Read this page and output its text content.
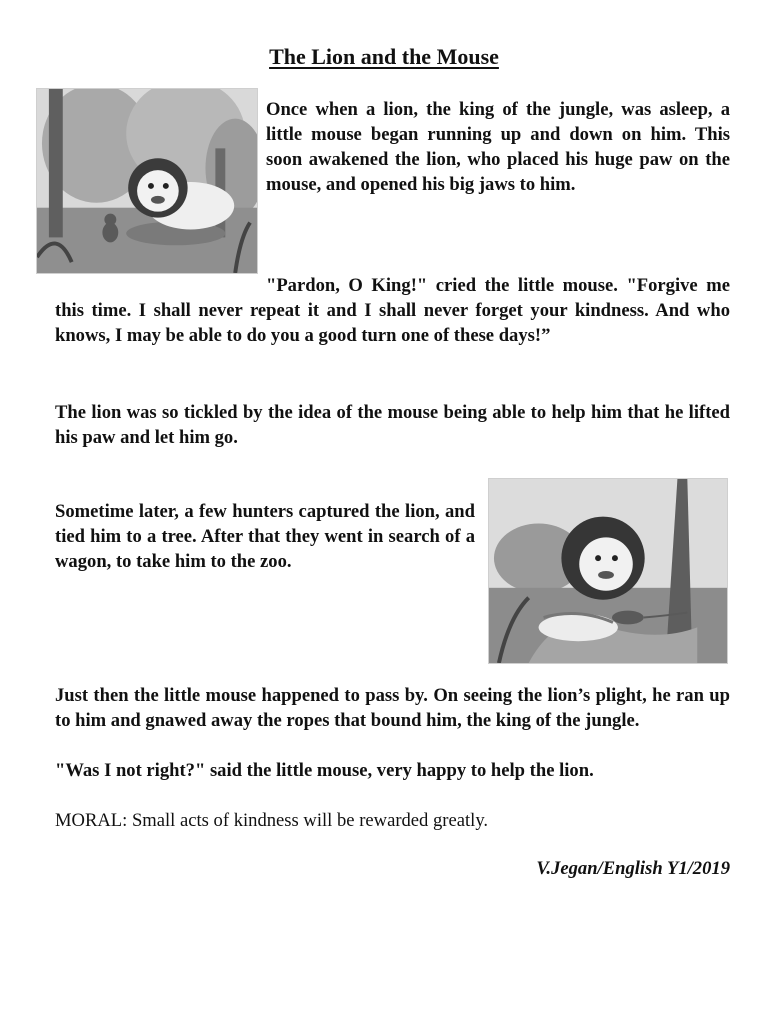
The Lion and the Mouse

Once when a lion, the king of the jungle, was asleep, a little mouse began running up and down on him. This soon awakened the lion, who placed his huge paw on the mouse, and opened his big jaws to him.

"Pardon, O King!" cried the little mouse. "Forgive me this time. I shall never repeat it and I shall never forget your kindness. And who knows, I may be able to do you a good turn one of these days!”

The lion was so tickled by the idea of the mouse being able to help him that he lifted his paw and let him go.

Sometime later, a few hunters captured the lion, and tied him to a tree. After that they went in search of a wagon, to take him to the zoo.

Just then the little mouse happened to pass by. On seeing the lion’s plight, he ran up to him and gnawed away the ropes that bound him, the king of the jungle.

"Was I not right?" said the little mouse, very happy to help the lion.

MORAL: Small acts of kindness will be rewarded greatly.

V.Jegan/English Y1/2019
